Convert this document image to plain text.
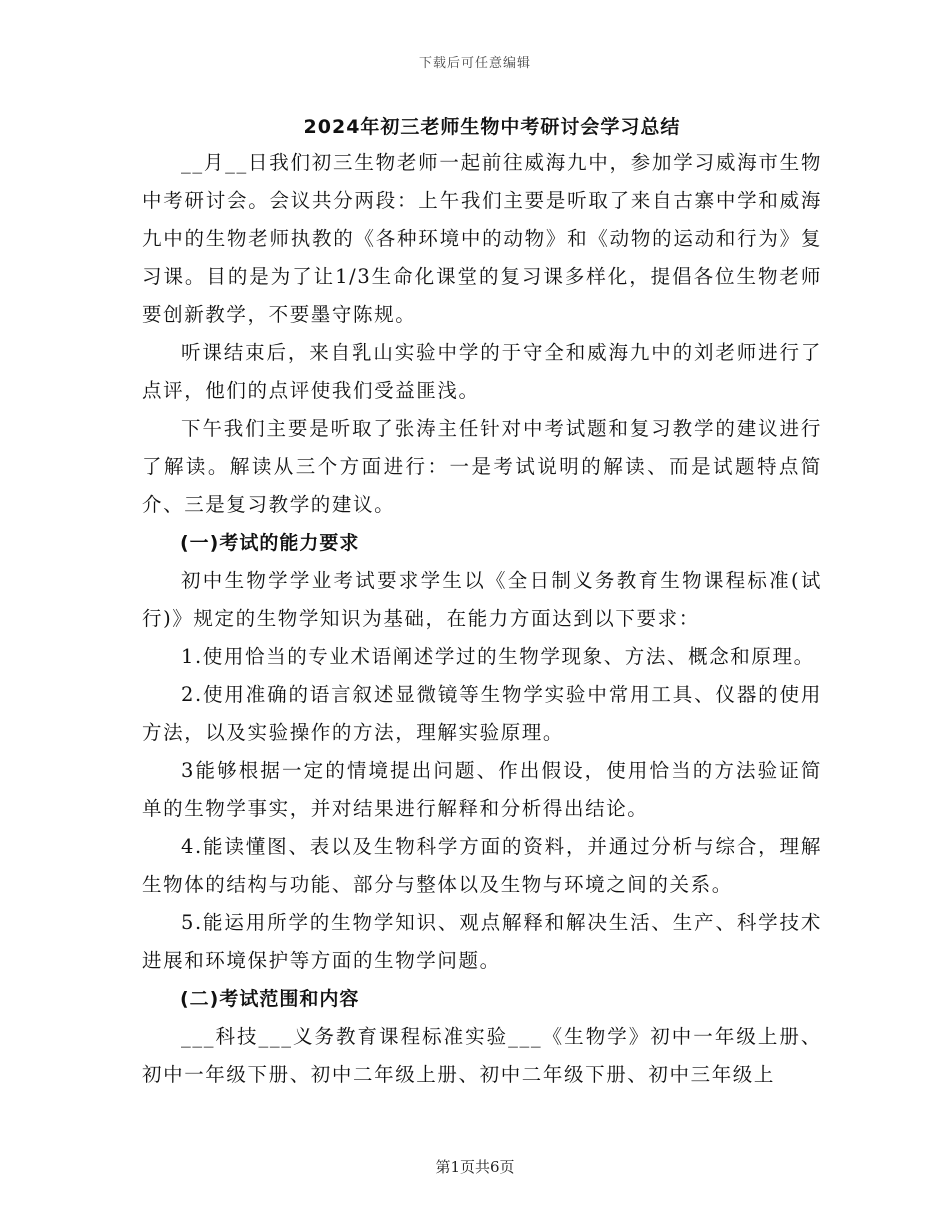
下载后可任意编辑
2024年初三老师生物中考研讨会学习总结

__月__日我们初三生物老师一起前往威海九中，参加学习威海市生物中考研讨会。会议共分两段：上午我们主要是听取了来自古寨中学和威海九中的生物老师执教的《各种环境中的动物》和《动物的运动和行为》复习课。目的是为了让1/3生命化课堂的复习课多样化，提倡各位生物老师要创新教学，不要墨守陈规。

听课结束后，来自乳山实验中学的于守全和威海九中的刘老师进行了点评，他们的点评使我们受益匪浅。

下午我们主要是听取了张涛主任针对中考试题和复习教学的建议进行了解读。解读从三个方面进行：一是考试说明的解读、而是试题特点简介、三是复习教学的建议。

(一)考试的能力要求

初中生物学学业考试要求学生以《全日制义务教育生物课程标准(试行)》规定的生物学知识为基础，在能力方面达到以下要求：

1.使用恰当的专业术语阐述学过的生物学现象、方法、概念和原理。

2.使用准确的语言叙述显微镜等生物学实验中常用工具、仪器的使用方法，以及实验操作的方法，理解实验原理。

3能够根据一定的情境提出问题、作出假设，使用恰当的方法验证简单的生物学事实，并对结果进行解释和分析得出结论。

4.能读懂图、表以及生物科学方面的资料，并通过分析与综合，理解生物体的结构与功能、部分与整体以及生物与环境之间的关系。

5.能运用所学的生物学知识、观点解释和解决生活、生产、科学技术进展和环境保护等方面的生物学问题。

(二)考试范围和内容

___科技___义务教育课程标准实验___《生物学》初中一年级上册、初中一年级下册、初中二年级上册、初中二年级下册、初中三年级上

第1页共6页
